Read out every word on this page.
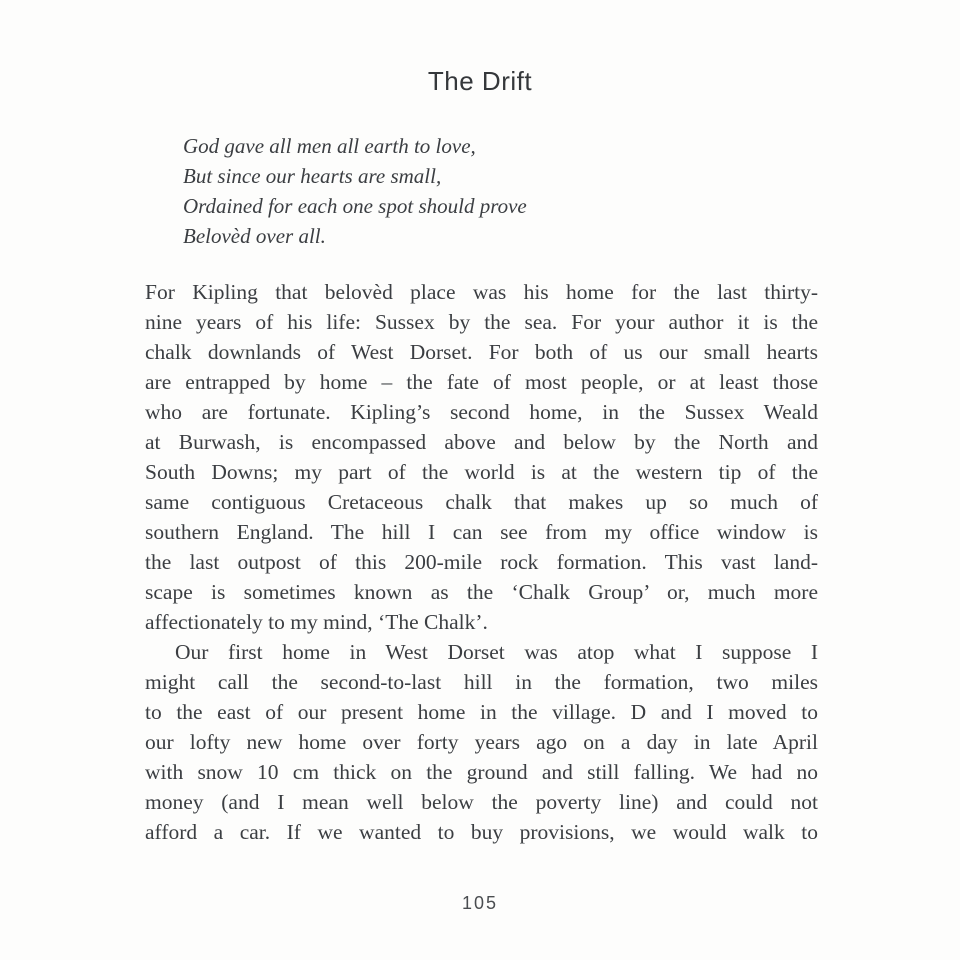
The Drift
God gave all men all earth to love,
But since our hearts are small,
Ordained for each one spot should prove
Belovèd over all.
For Kipling that belovèd place was his home for the last thirty-
nine years of his life: Sussex by the sea. For your author it is the
chalk downlands of West Dorset. For both of us our small hearts
are entrapped by home – the fate of most people, or at least those
who are fortunate. Kipling’s second home, in the Sussex Weald
at Burwash, is encompassed above and below by the North and
South Downs; my part of the world is at the western tip of the
same contiguous Cretaceous chalk that makes up so much of
southern England. The hill I can see from my office window is
the last outpost of this 200-mile rock formation. This vast land-
scape is sometimes known as the ‘Chalk Group’ or, much more
affectionately to my mind, ‘The Chalk’.
Our first home in West Dorset was atop what I suppose I
might call the second-to-last hill in the formation, two miles
to the east of our present home in the village. D and I moved to
our lofty new home over forty years ago on a day in late April
with snow 10 cm thick on the ground and still falling. We had no
money (and I mean well below the poverty line) and could not
afford a car. If we wanted to buy provisions, we would walk to
105
